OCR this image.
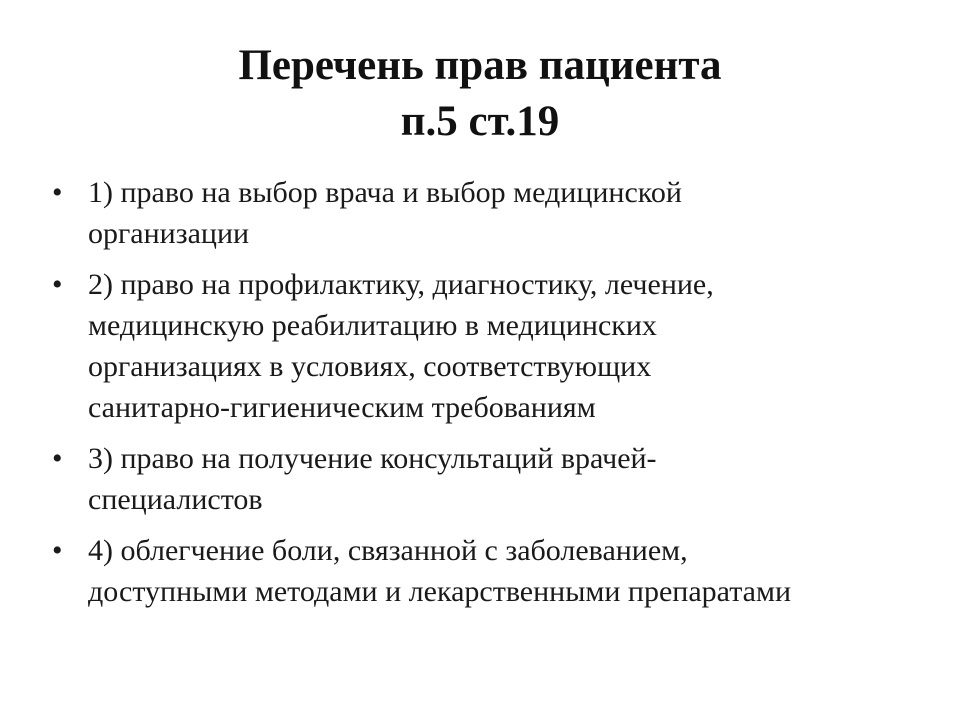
Перечень прав пациента
п.5 ст.19
• 1) право на выбор врача и выбор медицинской
организации
• 2) право на профилактику, диагностику, лечение,
медицинскую реабилитацию в медицинских
организациях в условиях, соответствующих
санитарно-гигиеническим требованиям
• 3) право на получение консультаций врачей-
специалистов
• 4) облегчение боли, связанной с заболеванием,
доступными методами и лекарственными препаратами
